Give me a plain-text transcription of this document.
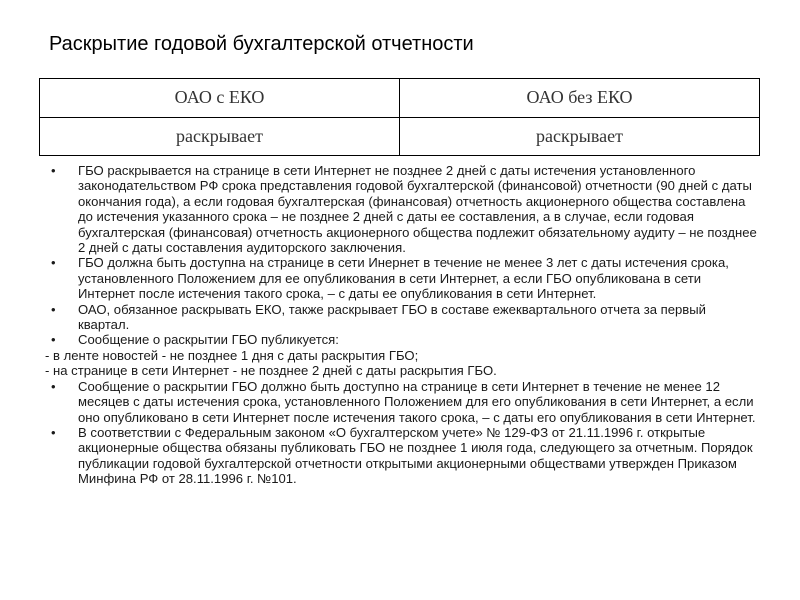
Раскрытие годовой бухгалтерской отчетности
ОАО с ЕКО	ОАО без ЕКО
раскрывает	раскрывает
• ГБО раскрывается на странице в сети Интернет не позднее 2 дней с даты истечения установленного законодательством РФ срока представления годовой бухгалтерской (финансовой) отчетности (90 дней с даты окончания года), а если годовая бухгалтерская (финансовая) отчетность акционерного общества составлена до истечения указанного срока – не позднее 2 дней с даты ее составления, а в случае, если годовая бухгалтерская (финансовая) отчетность акционерного общества подлежит обязательному аудиту – не позднее 2 дней с даты составления аудиторского заключения.
• ГБО должна быть доступна на странице в сети Инернет в течение не менее 3 лет с даты истечения срока, установленного Положением для ее опубликования в сети Интернет, а если ГБО опубликована в сети Интернет после истечения такого срока, – с даты ее опубликования в сети Интернет.
• ОАО, обязанное раскрывать ЕКО, также раскрывает ГБО в составе ежеквартального отчета за первый квартал.
• Сообщение о раскрытии ГБО публикуется:
- в ленте новостей - не позднее 1 дня с даты раскрытия ГБО;
- на странице в сети Интернет - не позднее 2 дней с даты раскрытия ГБО.
• Сообщение о раскрытии ГБО должно быть доступно на странице в сети Интернет в течение не менее 12 месяцев с даты истечения срока, установленного Положением для его опубликования в сети Интернет, а если оно опубликовано в сети Интернет после истечения такого срока, – с даты его опубликования в сети Интернет.
• В соответствии с Федеральным законом «О бухгалтерском учете» № 129-ФЗ от 21.11.1996 г. открытые акционерные общества обязаны публиковать ГБО не позднее 1 июля года, следующего за отчетным. Порядок публикации годовой бухгалтерской отчетности открытыми акционерными обществами утвержден Приказом Минфина РФ от 28.11.1996 г. №101.
